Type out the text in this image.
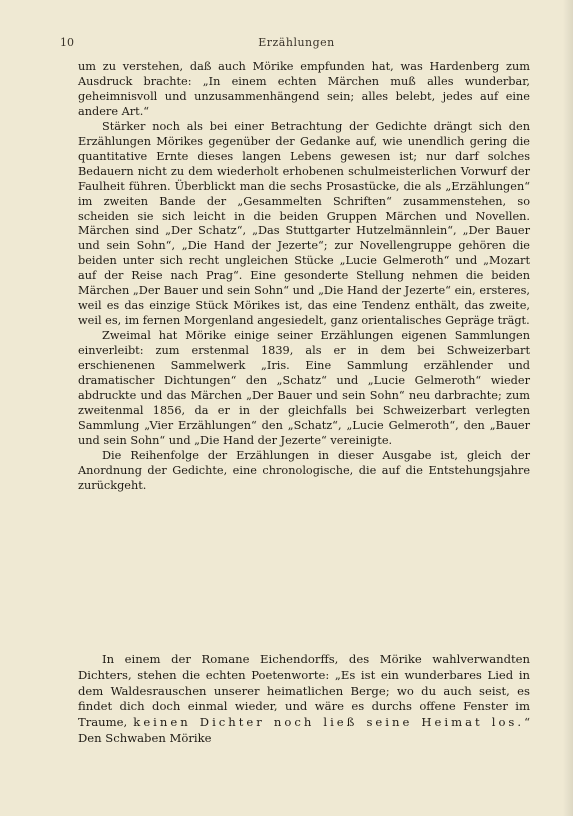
10	Erzählungen

um zu verstehen, daß auch Mörike empfunden hat, was Hardenberg zum Ausdruck brachte: „In einem echten Märchen muß alles wunderbar, geheimnisvoll und unzusammenhängend sein; alles belebt, jedes auf eine andere Art.“

Stärker noch als bei einer Betrachtung der Gedichte drängt sich den Erzählungen Mörikes gegenüber der Gedanke auf, wie unendlich gering die quantitative Ernte dieses langen Lebens gewesen ist; nur darf solches Bedauern nicht zu dem wiederholt erhobenen schulmeisterlichen Vorwurf der Faulheit führen. Überblickt man die sechs Prosastücke, die als „Erzählungen“ im zweiten Bande der „Gesammelten Schriften“ zusammenstehen, so scheiden sie sich leicht in die beiden Gruppen Märchen und Novellen. Märchen sind „Der Schatz“, „Das Stuttgarter Hutzelmännlein“, „Der Bauer und sein Sohn“, „Die Hand der Jezerte“; zur Novellengruppe gehören die beiden unter sich recht ungleichen Stücke „Lucie Gelmeroth“ und „Mozart auf der Reise nach Prag“. Eine gesonderte Stellung nehmen die beiden Märchen „Der Bauer und sein Sohn“ und „Die Hand der Jezerte“ ein, ersteres, weil es das einzige Stück Mörikes ist, das eine Tendenz enthält, das zweite, weil es, im fernen Morgenland angesiedelt, ganz orientalisches Gepräge trägt.

Zweimal hat Mörike einige seiner Erzählungen eigenen Sammlungen einverleibt: zum erstenmal 1839, als er in dem bei Schweizerbart erschienenen Sammelwerk „Iris. Eine Sammlung erzählender und dramatischer Dichtungen“ den „Schatz“ und „Lucie Gelmeroth“ wieder abdruckte und das Märchen „Der Bauer und sein Sohn“ neu darbrachte; zum zweitenmal 1856, da er in der gleichfalls bei Schweizerbart verlegten Sammlung „Vier Erzählungen“ den „Schatz“, „Lucie Gelmeroth“, den „Bauer und sein Sohn“ und „Die Hand der Jezerte“ vereinigte.

Die Reihenfolge der Erzählungen in dieser Ausgabe ist, gleich der Anordnung der Gedichte, eine chronologische, die auf die Entstehungsjahre zurückgeht.

In einem der Romane Eichendorffs, des Mörike wahlverwandten Dichters, stehen die echten Poetenworte: „Es ist ein wunderbares Lied in dem Waldesrauschen unserer heimatlichen Berge; wo du auch seist, es findet dich doch einmal wieder, und wäre es durchs offene Fenster im Traume, keinen Dichter noch ließ seine Heimat los.“ Den Schwaben Mörike
